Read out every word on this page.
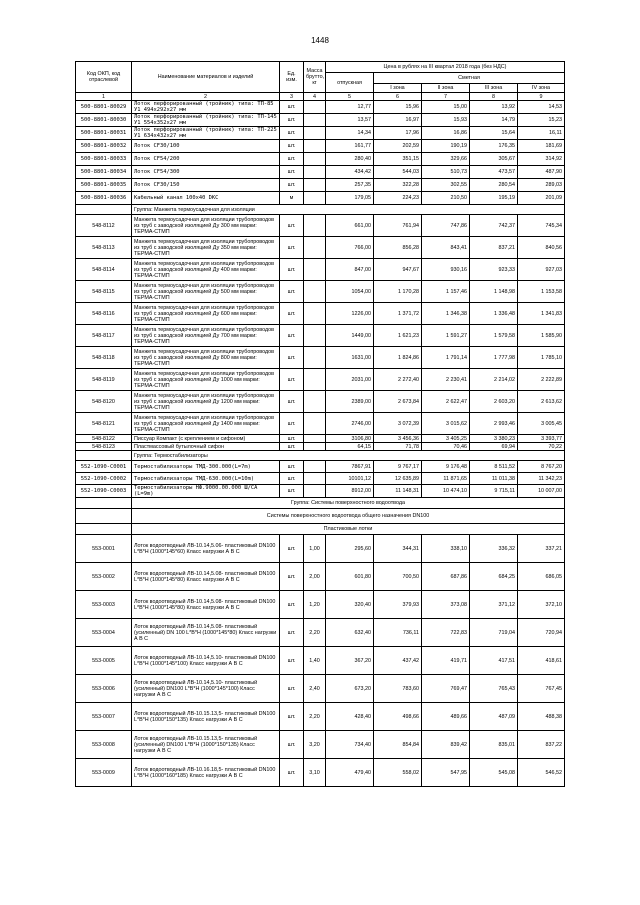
1448
Код ОКП, код отраслевой	Наименование материалов и изделий	Ед. изм.	Масса брутто, кг	Цена в рублях на III квартал 2018 года (без НДС)				
				отпускная	Сметная			
					I зона	II зона	III зона	IV зона
1	2	3	4	5	6	7	8	9
500-8801-80029	Лоток перфорированный (тройник) типа: ТП-85 У1 494х292х27 мм	шт.		12,77	15,96	15,00	13,92	14,53
500-8801-80030	Лоток перфорированный (тройник) типа: ТП-145 У1 554х352х27 мм	шт.		13,57	16,97	15,93	14,79	15,23
500-8801-80031	Лоток перфорированный (тройник) типа: ТП-225 У1 634х432х27 мм	шт.		14,34	17,96	16,86	15,64	16,11
500-8801-80032	Лоток CF30/100	шт.		161,77	202,59	190,19	176,35	181,69
500-8801-80033	Лоток CF54/200	шт.		280,40	351,15	329,66	305,67	314,92
500-8801-80034	Лоток CF54/300	шт.		434,42	544,03	510,73	473,57	487,90
500-8801-80035	Лоток CF30/150	шт.		257,35	322,28	302,55	280,54	289,03
500-8801-80036	Кабельный канал 100х40 DKC	м		179,05	224,23	210,50	195,19	201,09
	Группа: Манжета термоусадочная для изоляции							
548-8112	Манжета термоусадочная для изоляции трубопроводов из труб с заводской изоляцией Ду 300 мм марки: ТЕРМА-СТМП	шт.		661,00	761,94	747,86	742,37	745,34
548-8113	Манжета термоусадочная для изоляции трубопроводов из труб с заводской изоляцией Ду 350 мм марки: ТЕРМА-СТМП	шт.		766,00	856,28	843,41	837,21	840,56
548-8114	Манжета термоусадочная для изоляции трубопроводов из труб с заводской изоляцией Ду 400 мм марки: ТЕРМА-СТМП	шт.		847,00	947,67	930,16	923,33	927,03
548-8115	Манжета термоусадочная для изоляции трубопроводов из труб с заводской изоляцией Ду 500 мм марки: ТЕРМА-СТМП	шт.		1054,00	1 170,28	1 157,46	1 148,98	1 153,58
548-8116	Манжета термоусадочная для изоляции трубопроводов из труб с заводской изоляцией Ду 600 мм марки: ТЕРМА-СТМП	шт.		1226,00	1 371,72	1 346,38	1 336,48	1 341,83
548-8117	Манжета термоусадочная для изоляции трубопроводов из труб с заводской изоляцией Ду 700 мм марки: ТЕРМА-СТМП	шт.		1449,00	1 621,23	1 591,27	1 579,58	1 585,90
548-8118	Манжета термоусадочная для изоляции трубопроводов из труб с заводской изоляцией Ду 800 мм марки: ТЕРМА-СТМП	шт.		1631,00	1 824,86	1 791,14	1 777,98	1 785,10
548-8119	Манжета термоусадочная для изоляции трубопроводов из труб с заводской изоляцией Ду 1000 мм марки: ТЕРМА-СТМП	шт.		2031,00	2 272,40	2 230,41	2 214,02	2 222,89
548-8120	Манжета термоусадочная для изоляции трубопроводов из труб с заводской изоляцией Ду 1200 мм марки: ТЕРМА-СТМП	шт.		2389,00	2 673,84	2 622,47	2 603,20	2 613,62
548-8121	Манжета термоусадочная для изоляции трубопроводов из труб с заводской изоляцией Ду 1400 мм марки: ТЕРМА-СТМП	шт.		2746,00	3 072,39	3 015,62	2 993,46	3 005,45
548-8122	Писсуар Компакт (с креплением и сифоном)	шт.		3106,80	3 456,36	3 405,25	3 380,23	3 393,77
548-8123	Пластмассовый бутылочный сифон	шт.		64,15	71,78	70,46	69,94	70,22
	Группа: Термостабилизаторы							
552-1090-C0001	Термостабилизаторы ТМД-300.000(L=7m)	шт.		7867,91	9 767,17	9 176,48	8 511,52	8 767,20
552-1090-C0002	Термостабилизаторы ТМД-630.000(L=10m)	шт.		10101,12	12 635,89	11 871,65	11 011,38	11 342,23
552-1090-C0003	Термостабилизаторы НФ.9000.00.000 Ш/СА (L=9m)	шт.		8912,00	11 148,31	10 474,10	9 715,11	10 007,00
	Группа: Системы поверхностного водоотвода							
	Системы поверхностного водоотвода общего назначения DN100							
	Пластиковые лотки							
553-0001	Лоток водоотводный ЛВ-10.14,5.06- пластиковый DN100 L*B*H (1000*145*60) Класс нагрузки А В С	шт.	1,00	295,60	344,31	338,10	336,32	337,21
553-0002	Лоток водоотводный ЛВ-10.14,5.08- пластиковый DN100 L*B*H (1000*145*80) Класс нагрузки А В С	шт.	2,00	601,80	700,50	687,86	684,25	686,05
553-0003	Лоток водоотводный ЛВ-10.14,5.08- пластиковый DN100 L*B*H (1000*145*80) Класс нагрузки А В С	шт.	1,20	320,40	379,93	373,08	371,12	372,10
553-0004	Лоток водоотводный ЛВ-10.14,5.08- пластиковый (усиленный) DN 100 L*B*H (1000*145*80) Класс нагрузки А В С	шт.	2,20	632,40	736,11	722,83	719,04	720,94
553-0005	Лоток водоотводный ЛВ-10.14,5.10- пластиковый DN100 L*B*H (1000*145*100) Класс нагрузки А В С	шт.	1,40	367,20	437,42	419,71	417,51	418,61
553-0006	Лоток водоотводный ЛВ-10.14,5.10- пластиковый (усиленный) DN100 L*B*H (1000*145*100) Класс нагрузки А В С	шт.	2,40	673,20	783,60	769,47	765,43	767,45
553-0007	Лоток водоотводный ЛВ-10.15.13,5- пластиковый DN100 L*B*H (1000*150*135) Класс нагрузки А В С	шт.	2,20	428,40	498,66	489,66	487,09	488,38
553-0008	Лоток водоотводный ЛВ-10.15.13,5- пластиковый (усиленный) DN100 L*B*H (1000*150*135) Класс нагрузки А В С	шт.	3,20	734,40	854,84	839,42	835,01	837,22
553-0009	Лоток водоотводный ЛВ-10.16.18,5- пластиковый DN100 L*B*H (1000*160*185) Класс нагрузки А В С	шт.	3,10	479,40	558,02	547,95	545,08	546,52
